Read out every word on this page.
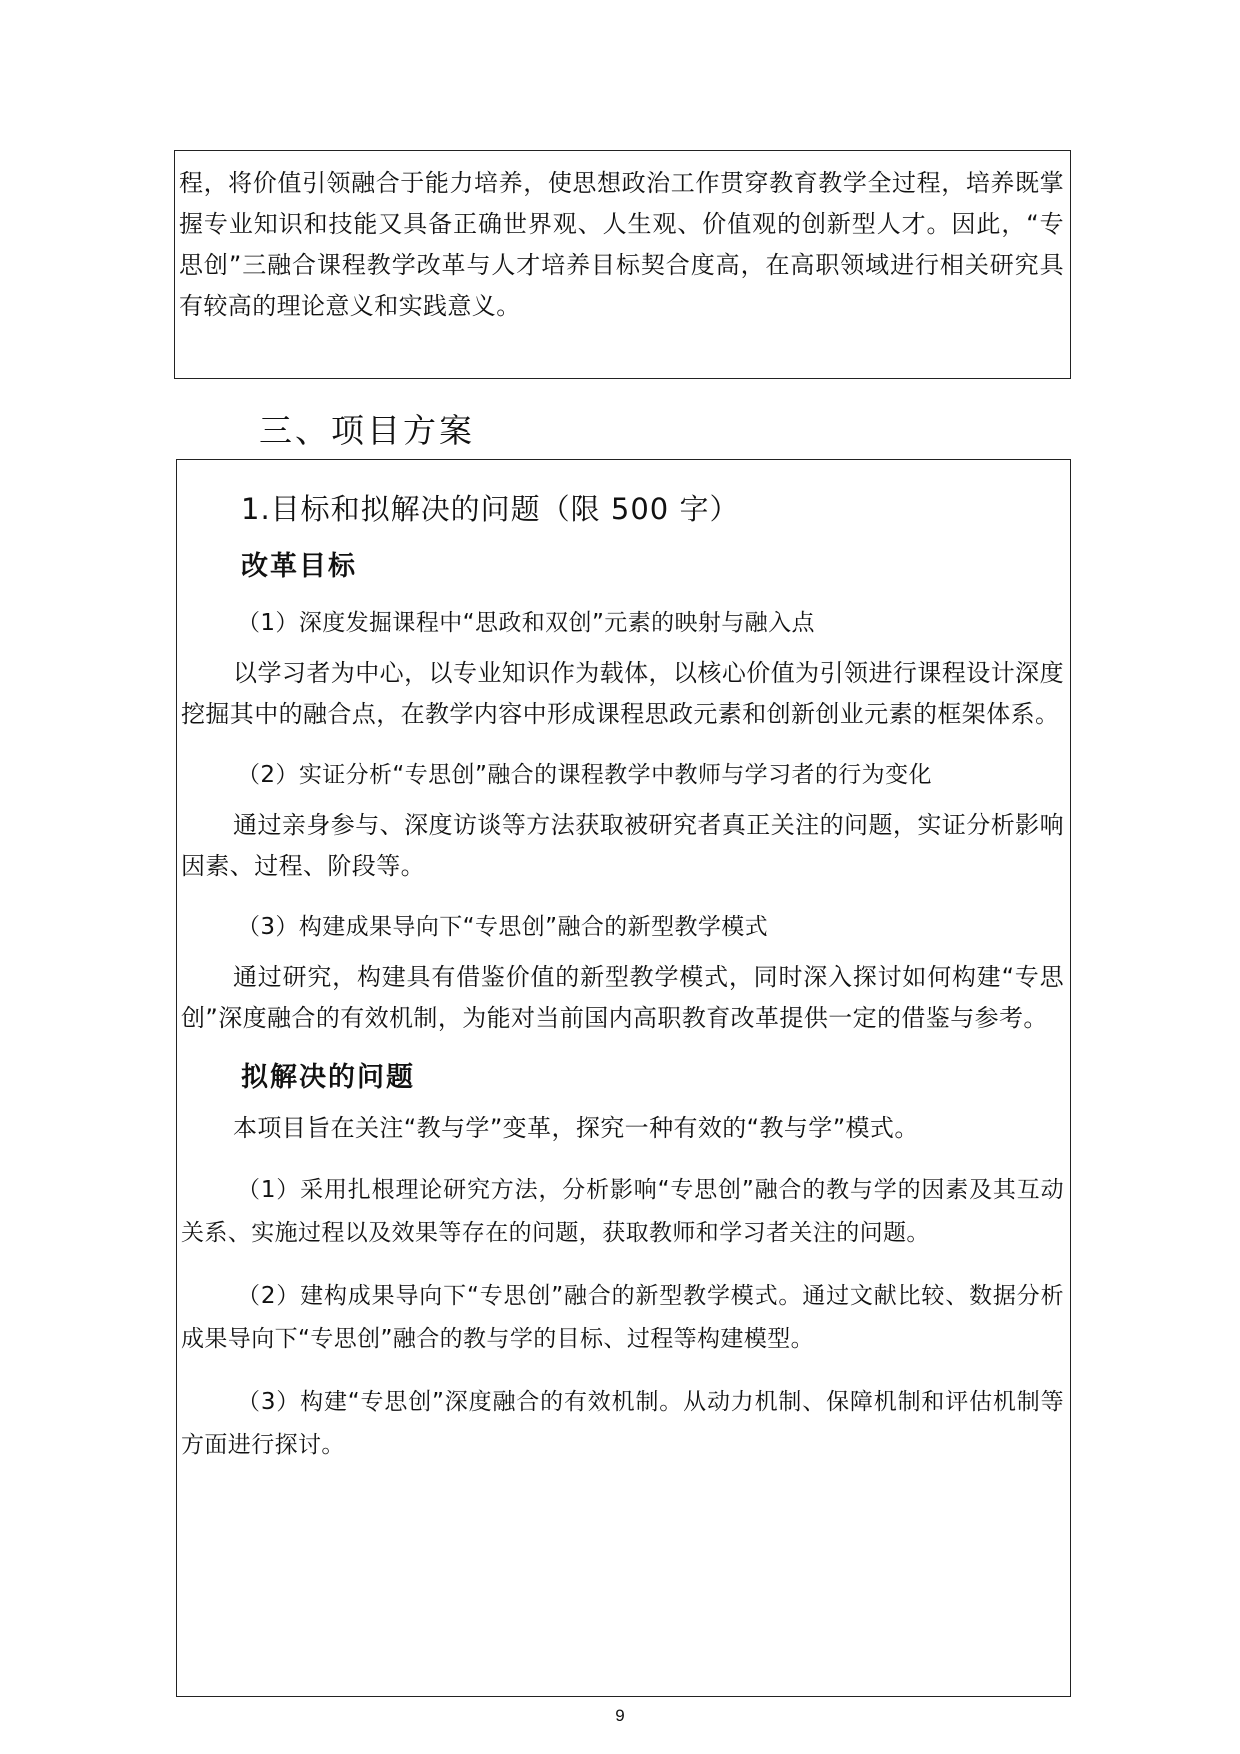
程，将价值引领融合于能力培养，使思想政治工作贯穿教育教学全过程，培养既掌握专业知识和技能又具备正确世界观、人生观、价值观的创新型人才。因此，“专思创”三融合课程教学改革与人才培养目标契合度高，在高职领域进行相关研究具有较高的理论意义和实践意义。

三、项目方案
1.目标和拟解决的问题（限 500 字）
改革目标
（1）深度发掘课程中“思政和双创”元素的映射与融入点

以学习者为中心，以专业知识作为载体，以核心价值为引领进行课程设计深度挖掘其中的融合点，在教学内容中形成课程思政元素和创新创业元素的框架体系。

（2）实证分析“专思创”融合的课程教学中教师与学习者的行为变化

通过亲身参与、深度访谈等方法获取被研究者真正关注的问题，实证分析影响因素、过程、阶段等。

（3）构建成果导向下“专思创”融合的新型教学模式

通过研究，构建具有借鉴价值的新型教学模式，同时深入探讨如何构建“专思创”深度融合的有效机制，为能对当前国内高职教育改革提供一定的借鉴与参考。

拟解决的问题

本项目旨在关注“教与学”变革，探究一种有效的“教与学”模式。

（1）采用扎根理论研究方法，分析影响“专思创”融合的教与学的因素及其互动关系、实施过程以及效果等存在的问题，获取教师和学习者关注的问题。

（2）建构成果导向下“专思创”融合的新型教学模式。通过文献比较、数据分析成果导向下“专思创”融合的教与学的目标、过程等构建模型。

（3）构建“专思创”深度融合的有效机制。从动力机制、保障机制和评估机制等方面进行探讨。

9
